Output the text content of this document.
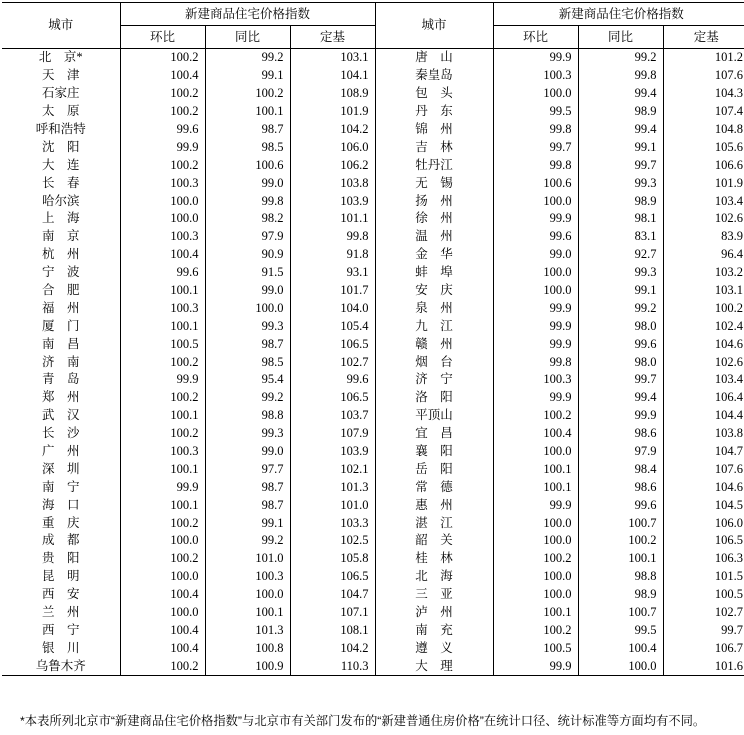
城市	新建商品住宅价格指数			城市	新建商品住宅价格指数		
	环比	同比	定基		环比	同比	定基
北　京*	100.2	99.2	103.1	唐　山	99.9	99.2	101.2
天　津	100.4	99.1	104.1	秦皇岛	100.3	99.8	107.6
石家庄	100.2	100.2	108.9	包　头	100.0	99.4	104.3
太　原	100.2	100.1	101.9	丹　东	99.5	98.9	107.4
呼和浩特	99.6	98.7	104.2	锦　州	99.8	99.4	104.8
沈　阳	99.9	98.5	106.0	吉　林	99.7	99.1	105.6
大　连	100.2	100.6	106.2	牡丹江	99.8	99.7	106.6
长　春	100.3	99.0	103.8	无　锡	100.6	99.3	101.9
哈尔滨	100.0	99.8	103.9	扬　州	100.0	98.9	103.4
上　海	100.0	98.2	101.1	徐　州	99.9	98.1	102.6
南　京	100.3	97.9	99.8	温　州	99.6	83.1	83.9
杭　州	100.4	90.9	91.8	金　华	99.0	92.7	96.4
宁　波	99.6	91.5	93.1	蚌　埠	100.0	99.3	103.2
合　肥	100.1	99.0	101.7	安　庆	100.0	99.1	103.1
福　州	100.3	100.0	104.0	泉　州	99.9	99.2	100.2
厦　门	100.1	99.3	105.4	九　江	99.9	98.0	102.4
南　昌	100.5	98.7	106.5	赣　州	99.9	99.6	104.6
济　南	100.2	98.5	102.7	烟　台	99.8	98.0	102.6
青　岛	99.9	95.4	99.6	济　宁	100.3	99.7	103.4
郑　州	100.2	99.2	106.5	洛　阳	99.9	99.4	106.4
武　汉	100.1	98.8	103.7	平顶山	100.2	99.9	104.4
长　沙	100.2	99.3	107.9	宜　昌	100.4	98.6	103.8
广　州	100.3	99.0	103.9	襄　阳	100.0	97.9	104.7
深　圳	100.1	97.7	102.1	岳　阳	100.1	98.4	107.6
南　宁	99.9	98.7	101.3	常　德	100.1	98.6	104.6
海　口	100.1	98.7	101.0	惠　州	99.9	99.6	104.5
重　庆	100.2	99.1	103.3	湛　江	100.0	100.7	106.0
成　都	100.0	99.2	102.5	韶　关	100.0	100.2	106.5
贵　阳	100.2	101.0	105.8	桂　林	100.2	100.1	106.3
昆　明	100.0	100.3	106.5	北　海	100.0	98.8	101.5
西　安	100.4	100.0	104.7	三　亚	100.0	98.9	100.5
兰　州	100.0	100.1	107.1	泸　州	100.1	100.7	102.7
西　宁	100.4	101.3	108.1	南　充	100.2	99.5	99.7
银　川	100.4	100.8	104.2	遵　义	100.5	100.4	106.7
乌鲁木齐	100.2	100.9	110.3	大　理	99.9	100.0	101.6
*本表所列北京市“新建商品住宅价格指数”与北京市有关部门发布的“新建普通住房价格”在统计口径、统计标准等方面均有不同。
